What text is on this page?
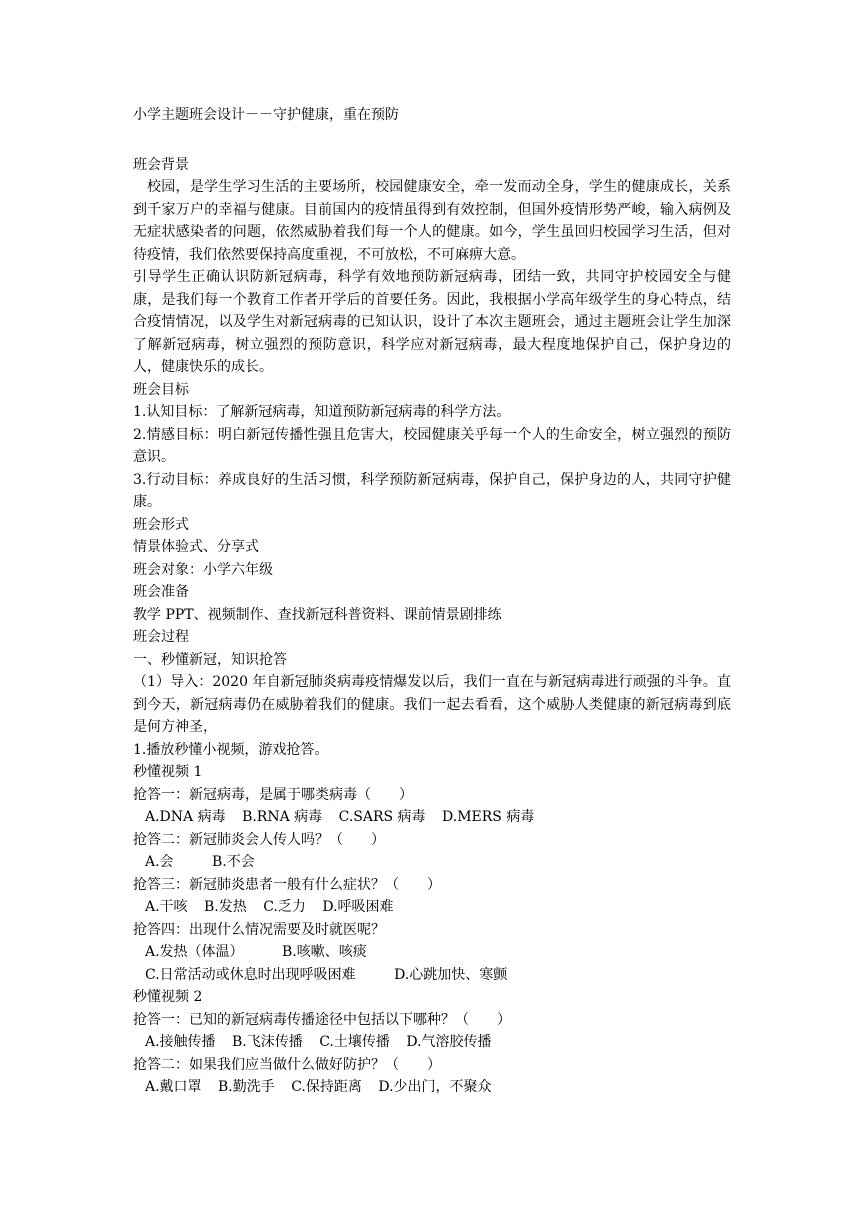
小学主题班会设计－－守护健康，重在预防
班会背景
校园，是学生学习生活的主要场所，校园健康安全，牵一发而动全身，学生的健康成长，关系到千家万户的幸福与健康。目前国内的疫情虽得到有效控制，但国外疫情形势严峻，输入病例及无症状感染者的问题，依然威胁着我们每一个人的健康。如今，学生虽回归校园学习生活，但对待疫情，我们依然要保持高度重视，不可放松，不可麻痹大意。
引导学生正确认识防新冠病毒，科学有效地预防新冠病毒，团结一致，共同守护校园安全与健康，是我们每一个教育工作者开学后的首要任务。因此，我根据小学高年级学生的身心特点，结合疫情情况，以及学生对新冠病毒的已知认识，设计了本次主题班会，通过主题班会让学生加深了解新冠病毒，树立强烈的预防意识，科学应对新冠病毒，最大程度地保护自己，保护身边的人，健康快乐的成长。
班会目标
1.认知目标：了解新冠病毒，知道预防新冠病毒的科学方法。
2.情感目标：明白新冠传播性强且危害大，校园健康关乎每一个人的生命安全，树立强烈的预防意识。
3.行动目标：养成良好的生活习惯，科学预防新冠病毒，保护自己，保护身边的人，共同守护健康。
班会形式
情景体验式、分享式
班会对象：小学六年级
班会准备
教学 PPT、视频制作、查找新冠科普资料、课前情景剧排练
班会过程
一、秒懂新冠，知识抢答
（1）导入：2020 年自新冠肺炎病毒疫情爆发以后，我们一直在与新冠病毒进行顽强的斗争。直到今天，新冠病毒仍在威胁着我们的健康。我们一起去看看，这个威胁人类健康的新冠病毒到底是何方神圣，
1.播放秒懂小视频，游戏抢答。
秒懂视频 1
抢答一：新冠病毒，是属于哪类病毒（　　）
A.DNA 病毒 B.RNA 病毒 C.SARS 病毒 D.MERS 病毒
抢答二：新冠肺炎会人传人吗？（　　）
A.会	B.不会
抢答三：新冠肺炎患者一般有什么症状？（　　）
A.干咳 B.发热 C.乏力 D.呼吸困难
抢答四：出现什么情况需要及时就医呢？
A.发热（体温）	B.咳嗽、咳痰
C.日常活动或休息时出现呼吸困难	D.心跳加快、寒颤
秒懂视频 2
抢答一：已知的新冠病毒传播途径中包括以下哪种？（　　）
A.接触传播 B.飞沫传播 C.土壤传播 D.气溶胶传播
抢答二：如果我们应当做什么做好防护？（　　）
A.戴口罩 B.勤洗手 C.保持距离 D.少出门，不聚众
